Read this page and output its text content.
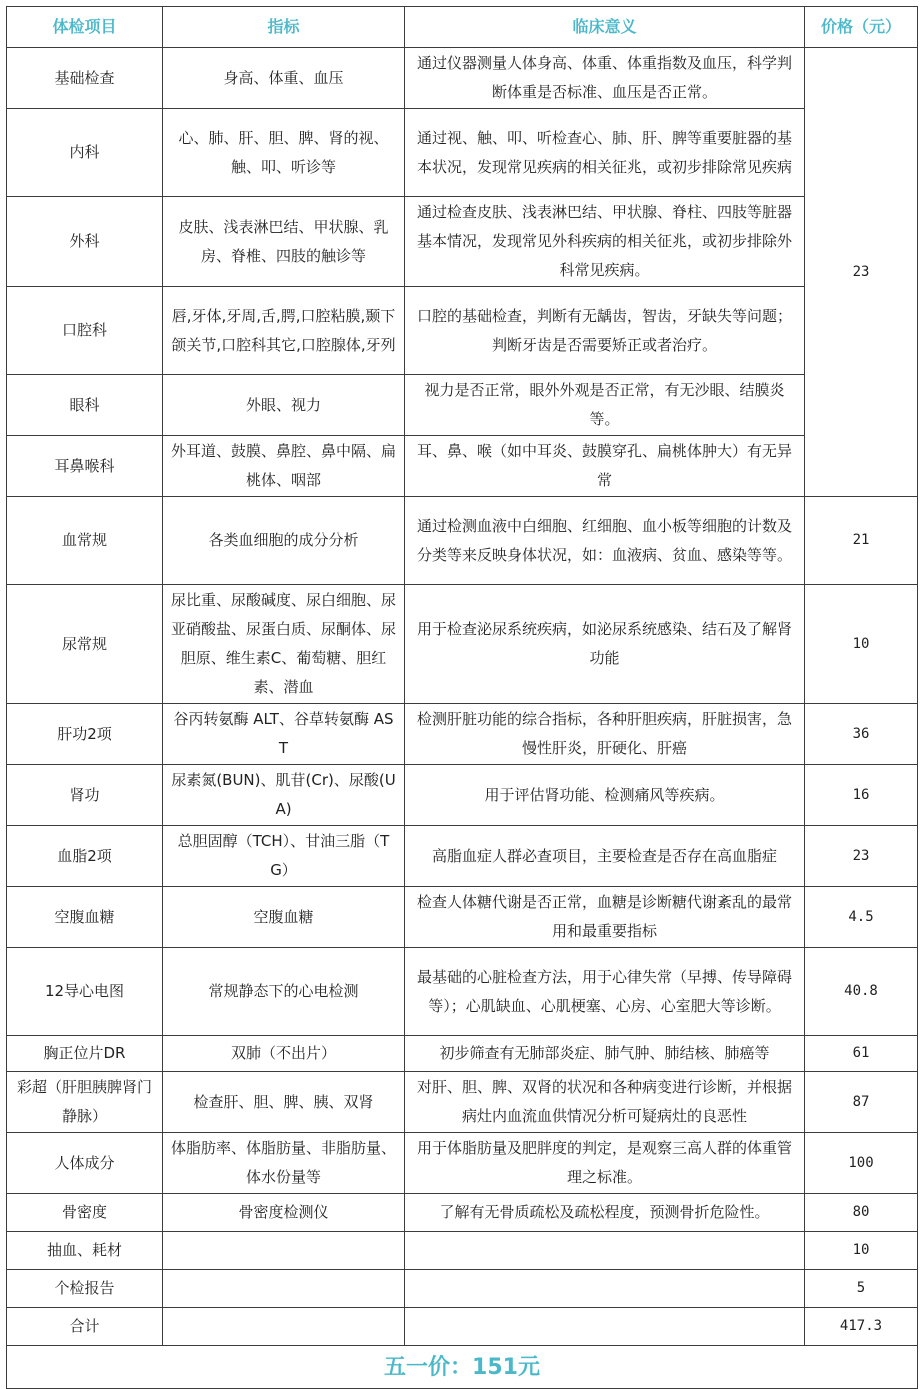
体检项目	指标	临床意义	价格（元）
基础检查	身高、体重、血压	通过仪器测量人体身高、体重、体重指数及血压，科学判断体重是否标准、血压是否正常。	23
内科	心、肺、肝、胆、脾、肾的视、触、叩、听诊等	通过视、触、叩、听检查心、肺、肝、脾等重要脏器的基本状况，发现常见疾病的相关征兆，或初步排除常见疾病	
外科	皮肤、浅表淋巴结、甲状腺、乳房、脊椎、四肢的触诊等	通过检查皮肤、浅表淋巴结、甲状腺、脊柱、四肢等脏器基本情况，发现常见外科疾病的相关征兆，或初步排除外科常见疾病。	
口腔科	唇,牙体,牙周,舌,腭,口腔粘膜,颞下颌关节,口腔科其它,口腔腺体,牙列	口腔的基础检查，判断有无龋齿，智齿，牙缺失等问题；判断牙齿是否需要矫正或者治疗。	
眼科	外眼、视力	视力是否正常，眼外外观是否正常，有无沙眼、结膜炎等。	
耳鼻喉科	外耳道、鼓膜、鼻腔、鼻中隔、扁桃体、咽部	耳、鼻、喉（如中耳炎、鼓膜穿孔、扁桃体肿大）有无异常	
血常规	各类血细胞的成分分析	通过检测血液中白细胞、红细胞、血小板等细胞的计数及分类等来反映身体状况，如：血液病、贫血、感染等等。	21
尿常规	尿比重、尿酸碱度、尿白细胞、尿亚硝酸盐、尿蛋白质、尿酮体、尿胆原、维生素C、葡萄糖、胆红素、潜血	用于检查泌尿系统疾病，如泌尿系统感染、结石及了解肾功能	10
肝功2项	谷丙转氨酶 ALT、谷草转氨酶 AST	检测肝脏功能的综合指标，各种肝胆疾病，肝脏损害，急慢性肝炎，肝硬化、肝癌	36
肾功	尿素氮(BUN)、肌苷(Cr)、尿酸(UA)	用于评估肾功能、检测痛风等疾病。	16
血脂2项	总胆固醇（TCH）、甘油三脂（TG）	高脂血症人群必查项目，主要检查是否存在高血脂症	23
空腹血糖	空腹血糖	检查人体糖代谢是否正常，血糖是诊断糖代谢紊乱的最常用和最重要指标	4.5
12导心电图	常规静态下的心电检测	最基础的心脏检查方法，用于心律失常（早搏、传导障碍等）；心肌缺血、心肌梗塞、心房、心室肥大等诊断。	40.8
胸正位片DR	双肺（不出片）	初步筛查有无肺部炎症、肺气肿、肺结核、肺癌等	61
彩超（肝胆胰脾肾门静脉）	检查肝、胆、脾、胰、双肾	对肝、胆、脾、双肾的状况和各种病变进行诊断，并根据病灶内血流血供情况分析可疑病灶的良恶性	87
人体成分	体脂肪率、体脂肪量、非脂肪量、体水份量等	用于体脂肪量及肥胖度的判定，是观察三高人群的体重管理之标准。	100
骨密度	骨密度检测仪	了解有无骨质疏松及疏松程度，预测骨折危险性。	80
抽血、耗材			10
个检报告			5
合计			417.3
五一价：151元			
